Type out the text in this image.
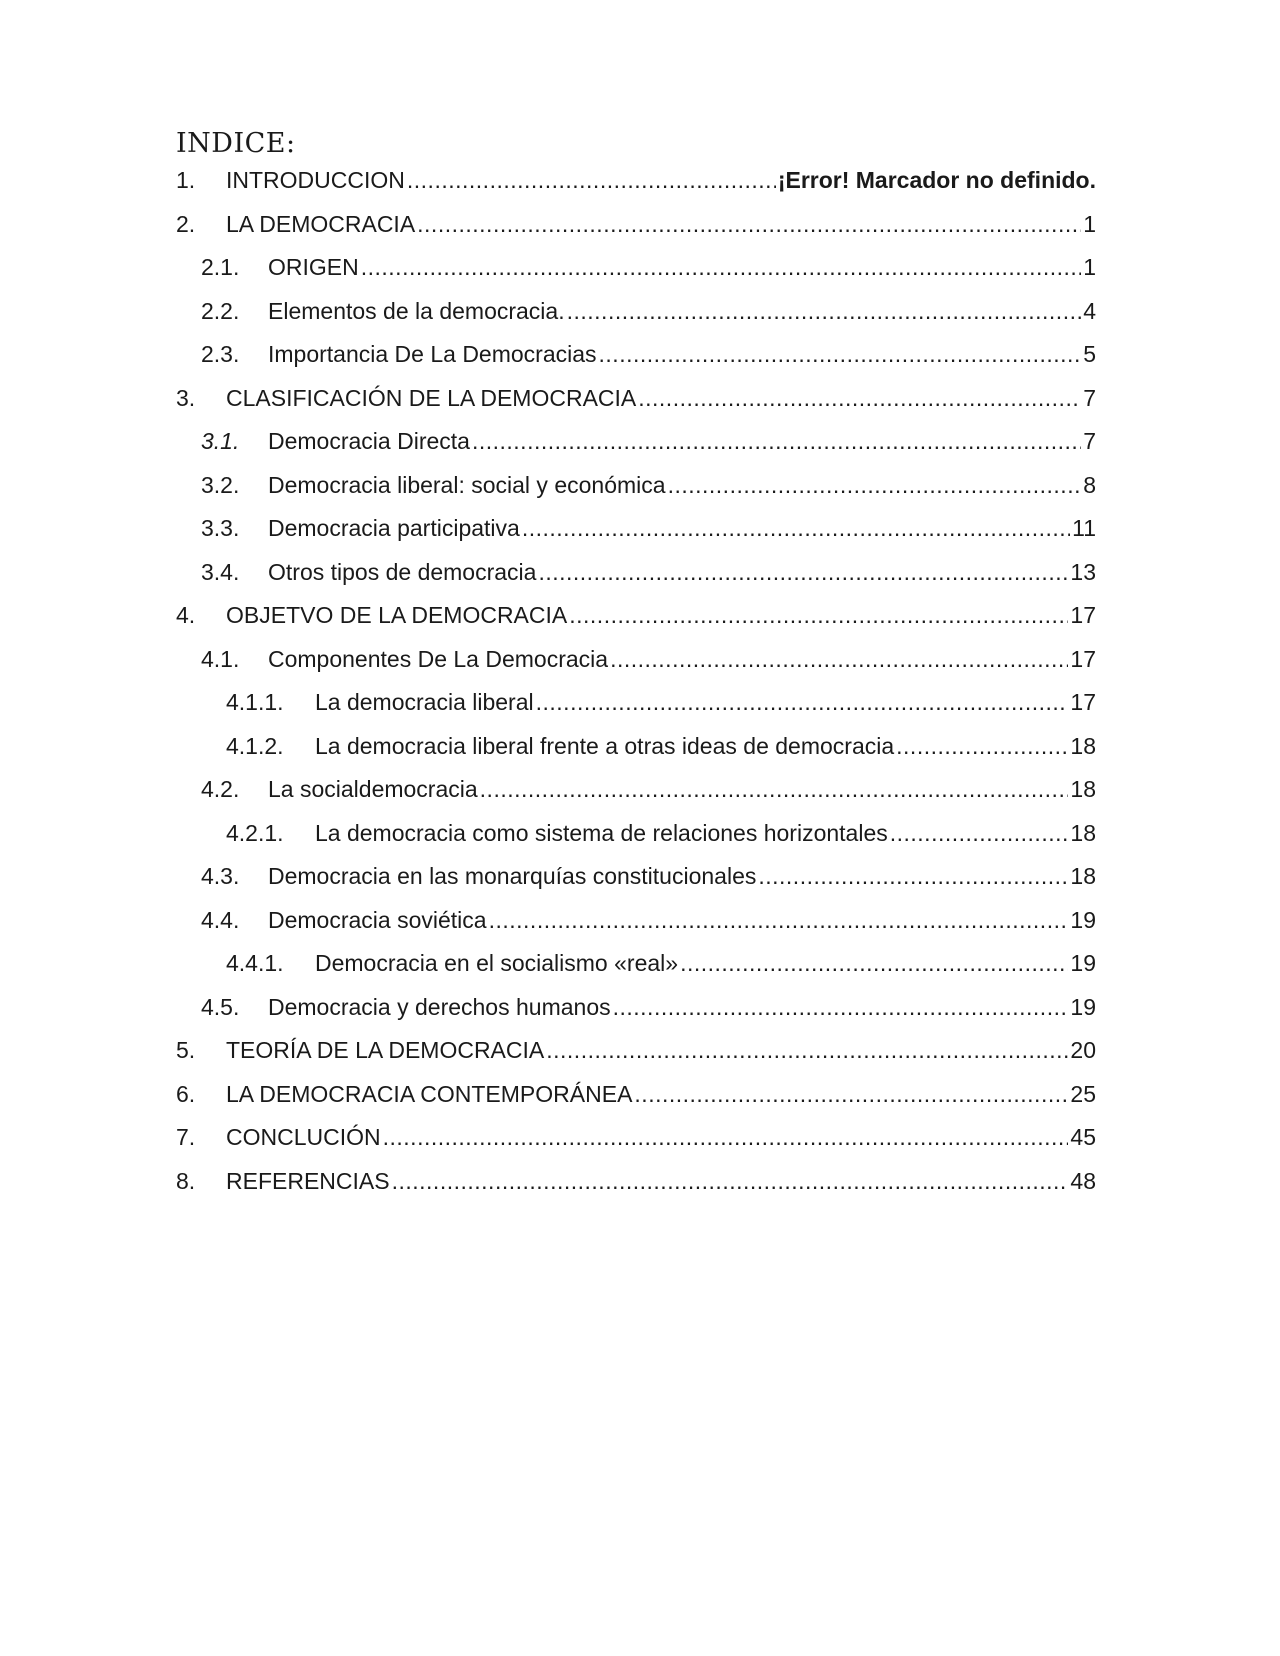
INDICE:
1.	INTRODUCCION .....	¡Error! Marcador no definido.
2.	LA DEMOCRACIA .....	1
2.1.	ORIGEN .....	1
2.2.	Elementos de la democracia. .....	4
2.3.	Importancia De La Democracias .....	5
3.	CLASIFICACIÓN DE LA DEMOCRACIA .....	7
3.1.	Democracia Directa .....	7
3.2.	Democracia liberal: social y económica .....	8
3.3.	Democracia participativa .....	11
3.4.	Otros tipos de democracia .....	13
4.	OBJETVO DE LA DEMOCRACIA .....	17
4.1.	Componentes De La Democracia .....	17
4.1.1.	La democracia liberal .....	17
4.1.2.	La democracia liberal frente a otras ideas de democracia .....	18
4.2.	La socialdemocracia .....	18
4.2.1.	La democracia como sistema de relaciones horizontales .....	18
4.3.	Democracia en las monarquías constitucionales .....	18
4.4.	Democracia soviética .....	19
4.4.1.	Democracia en el socialismo «real» .....	19
4.5.	Democracia y derechos humanos .....	19
5.	TEORÍA DE LA DEMOCRACIA .....	20
6.	LA DEMOCRACIA CONTEMPORÁNEA .....	25
7.	CONCLUCIÓN .....	45
8.	REFERENCIAS .....	48
